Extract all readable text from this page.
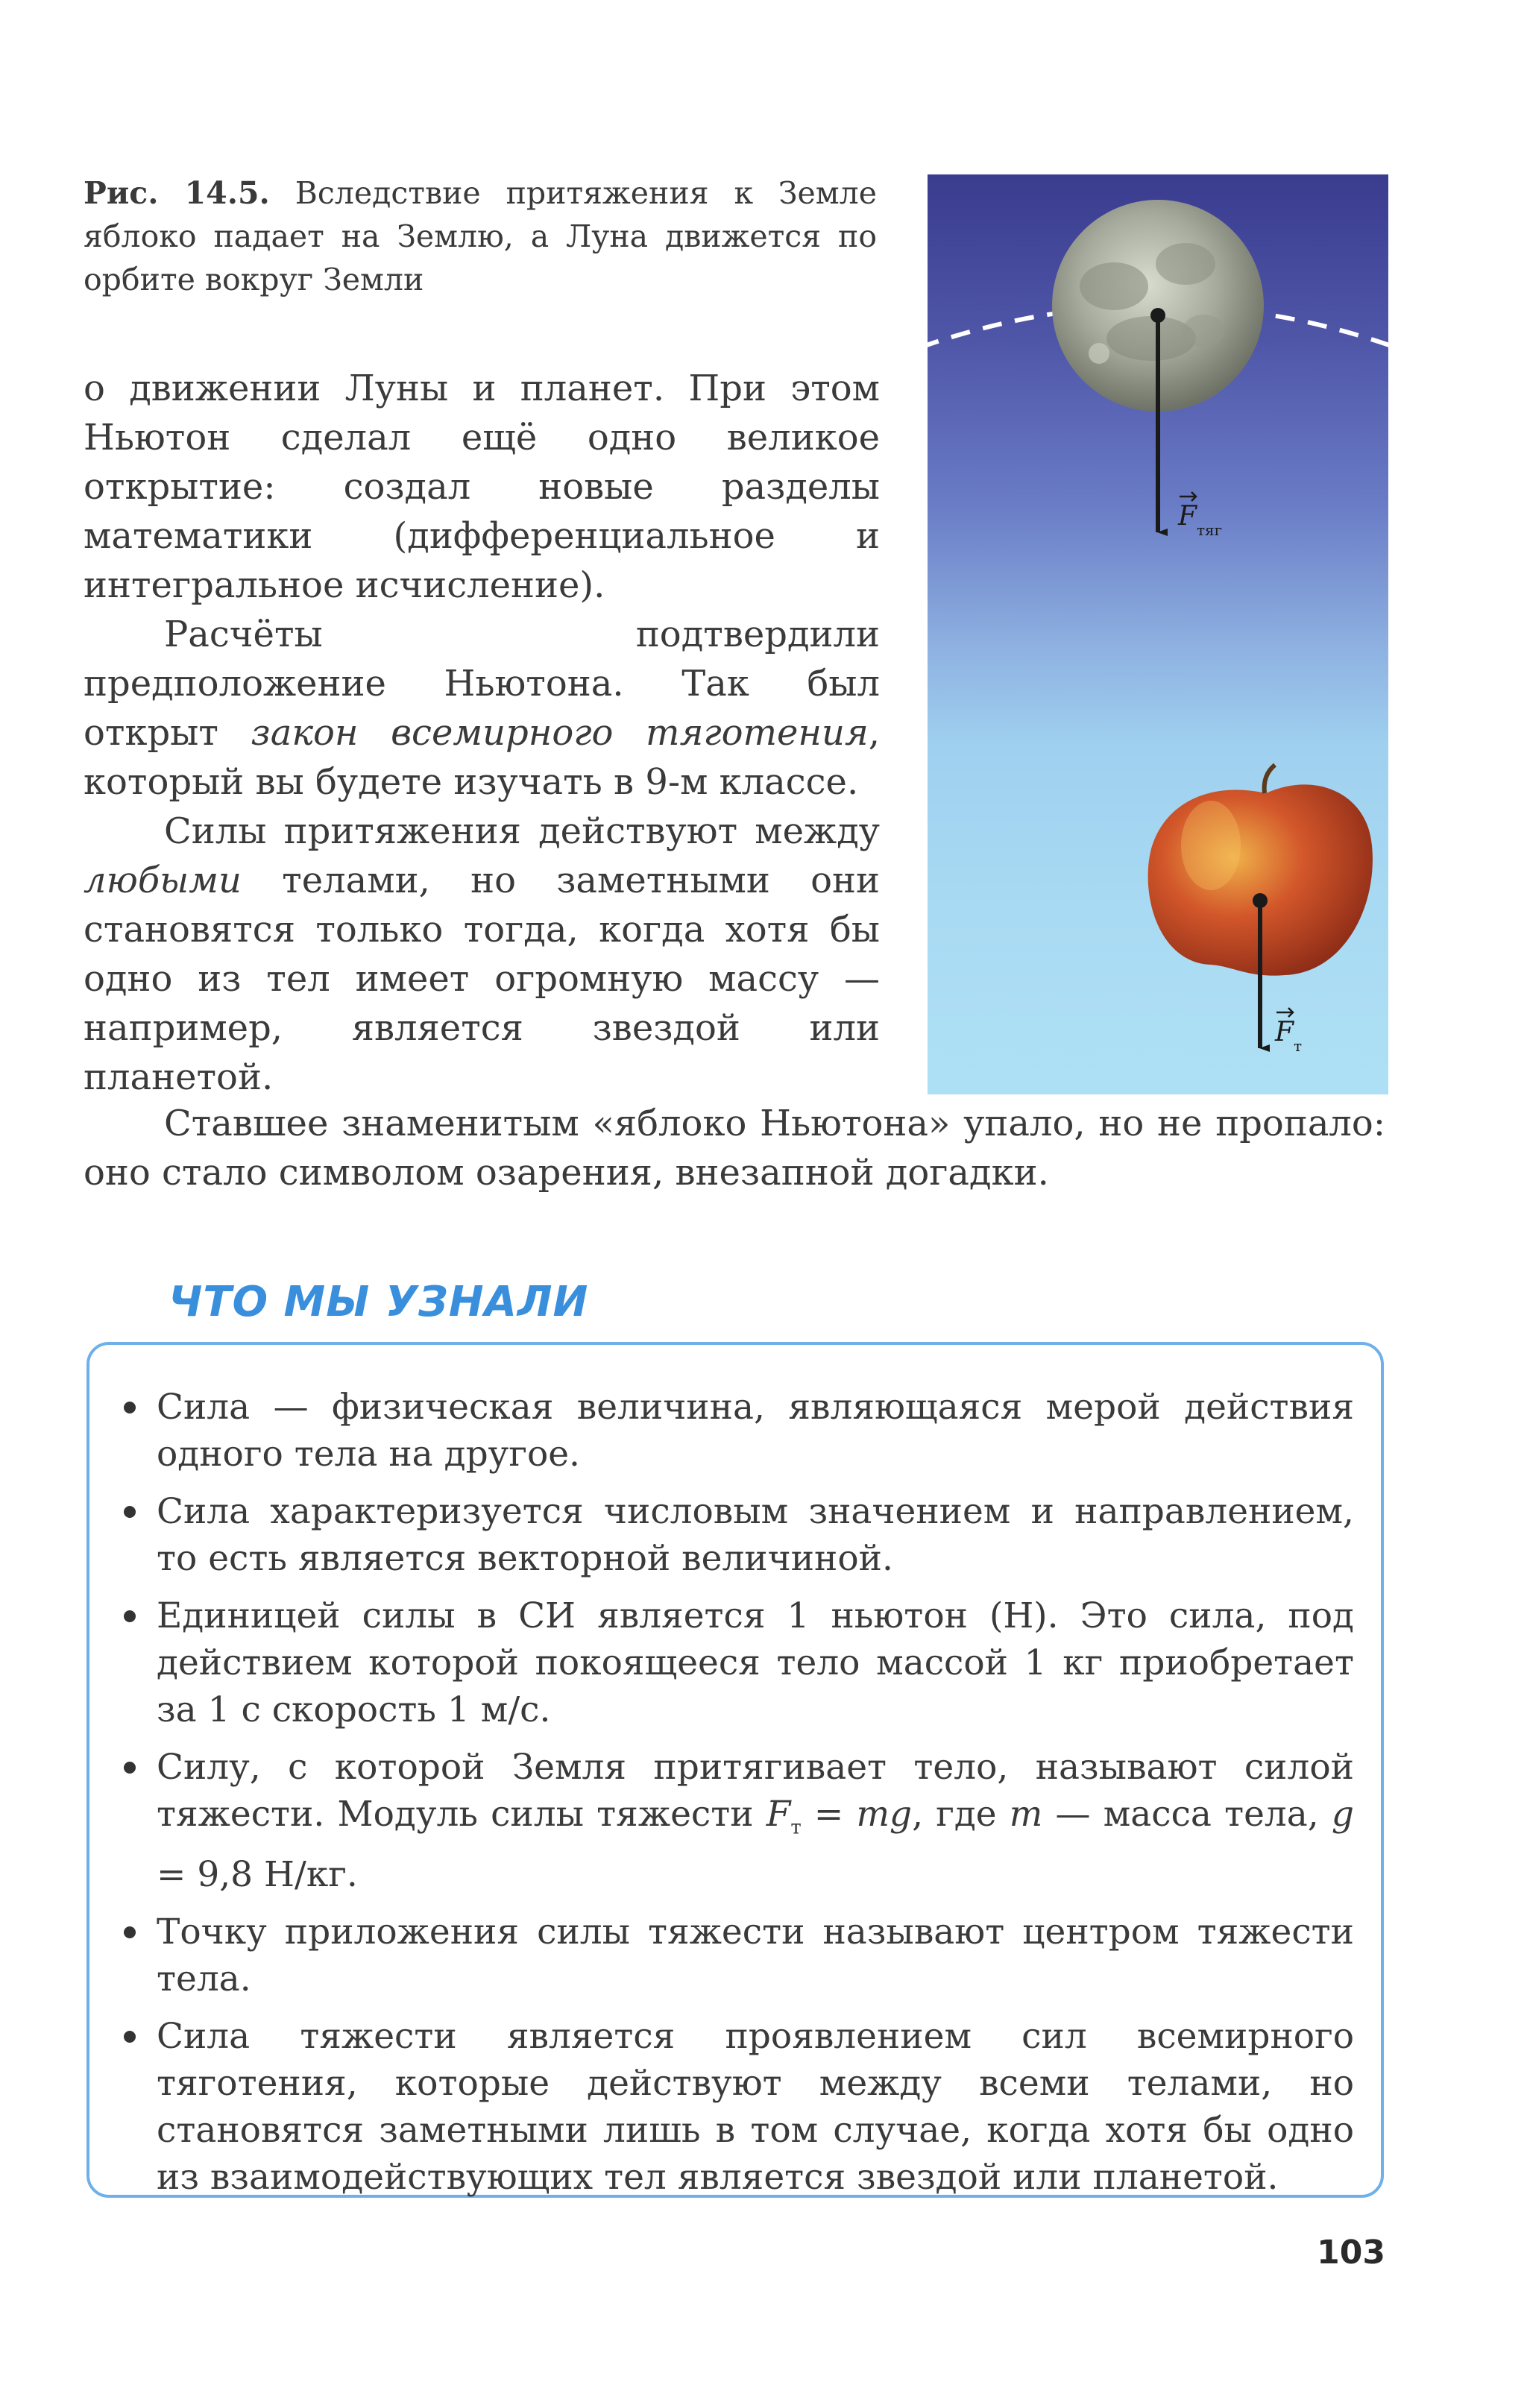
Рис. 14.5. Вследствие притяжения к Земле яблоко падает на Землю, а Луна движется по орбите вокруг Земли

$F_{тяг}$
$F_т$

о движении Луны и планет. При этом Ньютон сделал ещё одно великое открытие: создал новые разделы математики (дифференциальное и интегральное исчисление).

Расчёты подтвердили предположение Ньютона. Так был открыт закон всемирного тяготения, который вы будете изучать в 9-м классе.

Силы притяжения действуют между любыми телами, но заметными они становятся только тогда, когда хотя бы одно из тел имеет огромную массу — например, является звездой или планетой.

Ставшее знаменитым «яблоко Ньютона» упало, но не пропало: оно стало символом озарения, внезапной догадки.

ЧТО МЫ УЗНАЛИ
Сила — физическая величина, являющаяся мерой действия одного тела на другое.
Сила характеризуется числовым значением и направлением, то есть является векторной величиной.
Единицей силы в СИ является 1 ньютон (Н). Это сила, под действием которой покоящееся тело массой 1 кг приобретает за 1 с скорость 1 м/с.
Силу, с которой Земля притягивает тело, называют силой тяжести. Модуль силы тяжести $F_т$ = mg, где m — масса тела, g = 9,8 Н/кг.
Точку приложения силы тяжести называют центром тяжести тела.
Сила тяжести является проявлением сил всемирного тяготения, которые действуют между всеми телами, но становятся заметными лишь в том случае, когда хотя бы одно из взаимодействующих тел является звездой или планетой.

103
